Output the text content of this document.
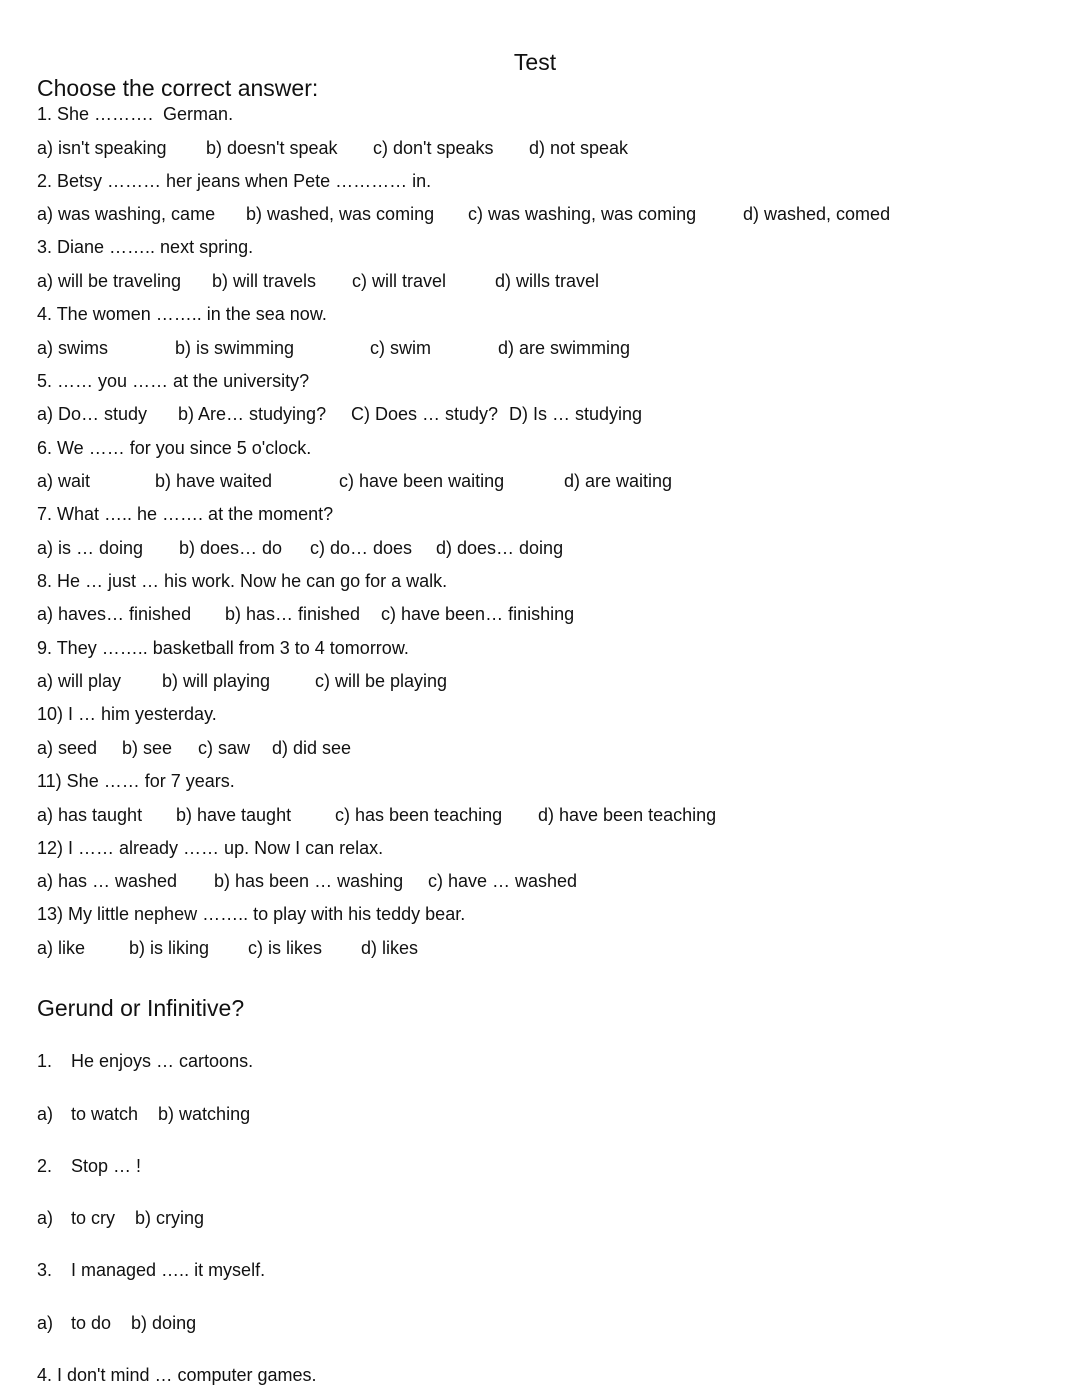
Test
Choose the correct answer:
1. She ……….  German.
a) isn't speaking b) doesn't speak c) don't speaks d) not speak
2. Betsy ……… her jeans when Pete ………… in.
a) was washing, came b) washed, was coming c) was washing, was coming	d) washed, comed
3. Diane …….. next spring.
a) will be traveling b) will travels c) will travel	d) wills travel
4. The women …….. in the sea now.
a) swims	b) is swimming	c) swim	d) are swimming
5. …… you …… at the university?
a) Do… study b) Are… studying? C) Does … study? D) Is … studying
6. We …… for you since 5 o'clock.
a) wait	b) have waited	c) have been waiting	d) are waiting
7. What ….. he ……. at the moment?
a) is … doing b) does… do c) do… does d) does… doing
8. He … just … his work. Now he can go for a walk.
a) haves… finished b) has… finished c) have been… finishing
9. They …….. basketball from 3 to 4 tomorrow.
a) will play b) will playing c) will be playing
10) I … him yesterday.
a) seed b) see c) saw d) did see
11) She …… for 7 years.
a) has taught b) have taught c) has been teaching d) have been teaching
12) I …… already …… up. Now I can relax.
a) has … washed b) has been … washing c) have … washed
13) My little nephew …….. to play with his teddy bear.
a) like b) is liking c) is likes d) likes
Gerund or Infinitive?
1. He enjoys … cartoons.
a) to watch    b) watching
2. Stop … !
a) to cry    b) crying
3. I managed ….. it myself.
a) to do    b) doing
4. I don't mind … computer games.
